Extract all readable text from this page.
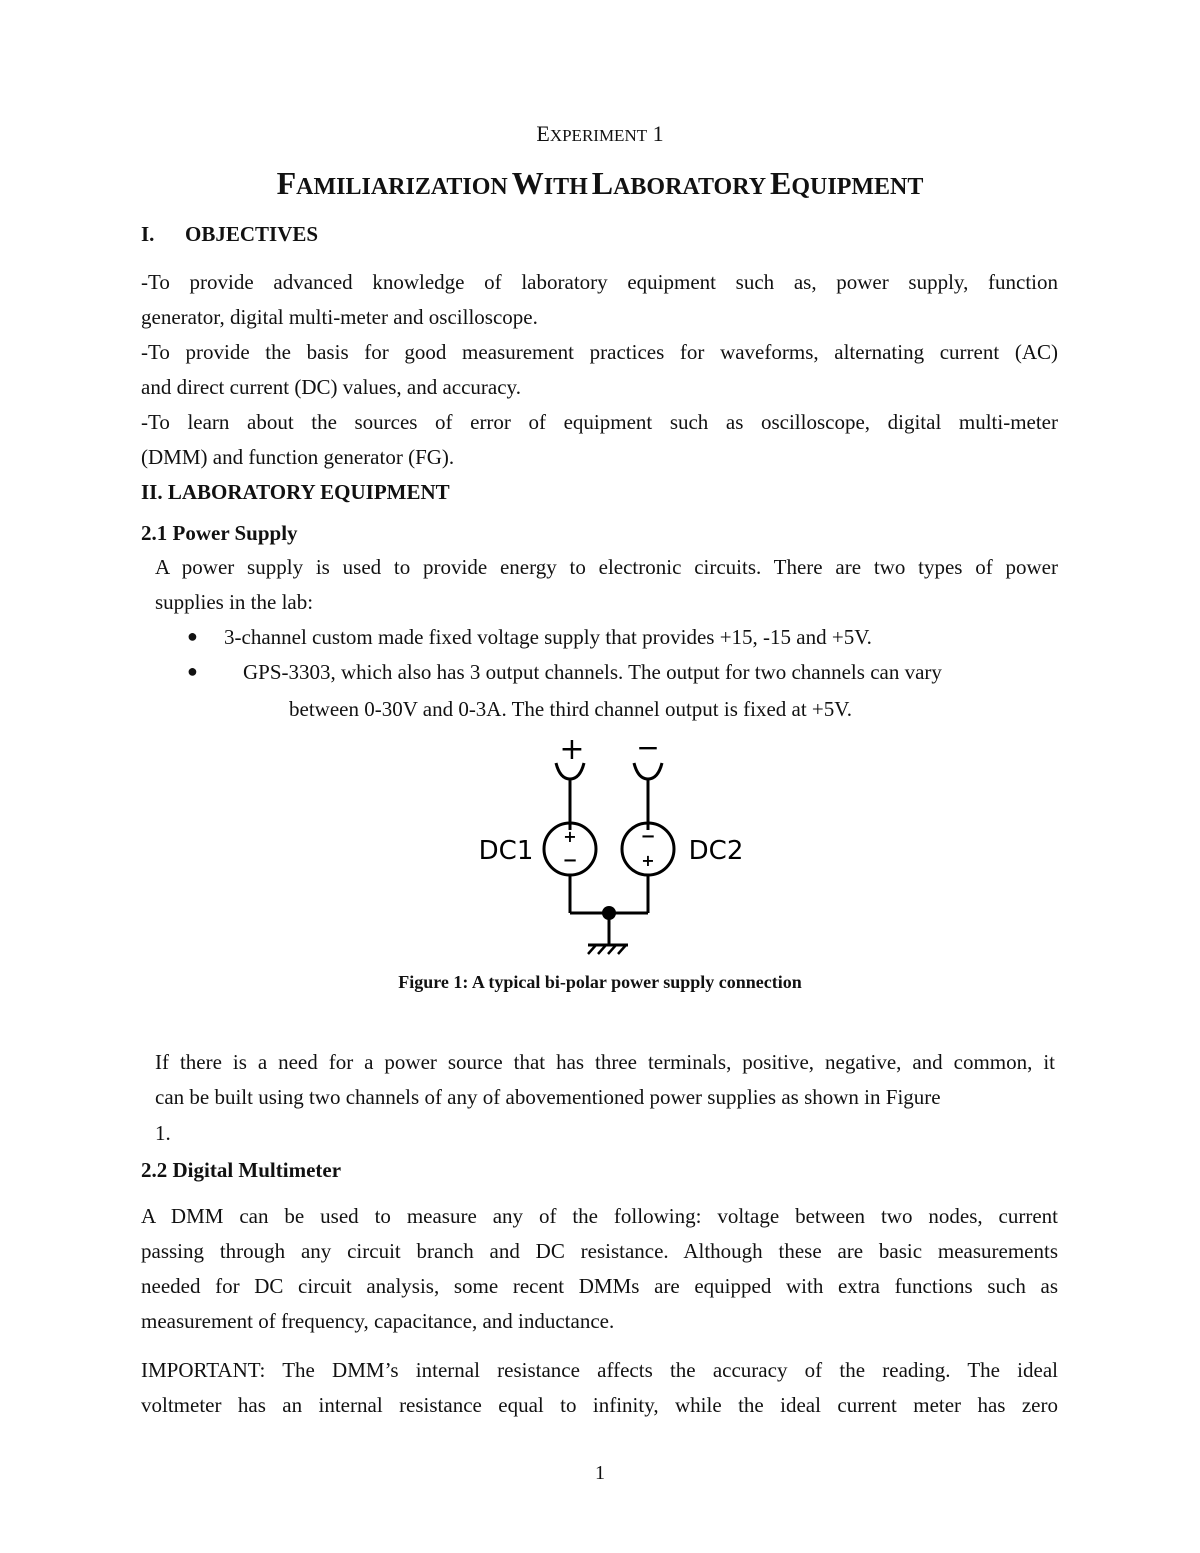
EXPERIMENT 1
FAMILIARIZATION WITH LABORATORY EQUIPMENT
I. OBJECTIVES
-To provide advanced knowledge of laboratory equipment such as, power supply, function
generator, digital multi-meter and oscilloscope.
-To provide the basis for good measurement practices for waveforms, alternating current (AC)
and direct current (DC) values, and accuracy.
-To learn about the sources of error of equipment such as oscilloscope, digital multi-meter
(DMM) and function generator (FG).
II. LABORATORY EQUIPMENT
2.1 Power Supply
A power supply is used to provide energy to electronic circuits. There are two types of power
supplies in the lab:
● 3-channel custom made fixed voltage supply that provides +15, -15 and +5V.
● GPS-3303, which also has 3 output channels. The output for two channels can vary
between 0-30V and 0-3A. The third channel output is fixed at +5V.
+ −
+
−
−
+
DC1	DC2
Figure 1: A typical bi-polar power supply connection
If there is a need for a power source that has three terminals, positive, negative, and common, it
can be built using two channels of any of abovementioned power supplies as shown in Figure
1.
2.2 Digital Multimeter
A DMM can be used to measure any of the following: voltage between two nodes, current
passing through any circuit branch and DC resistance. Although these are basic measurements
needed for DC circuit analysis, some recent DMMs are equipped with extra functions such as
measurement of frequency, capacitance, and inductance.
IMPORTANT: The DMM’s internal resistance affects the accuracy of the reading. The ideal
voltmeter has an internal resistance equal to infinity, while the ideal current meter has zero
1
